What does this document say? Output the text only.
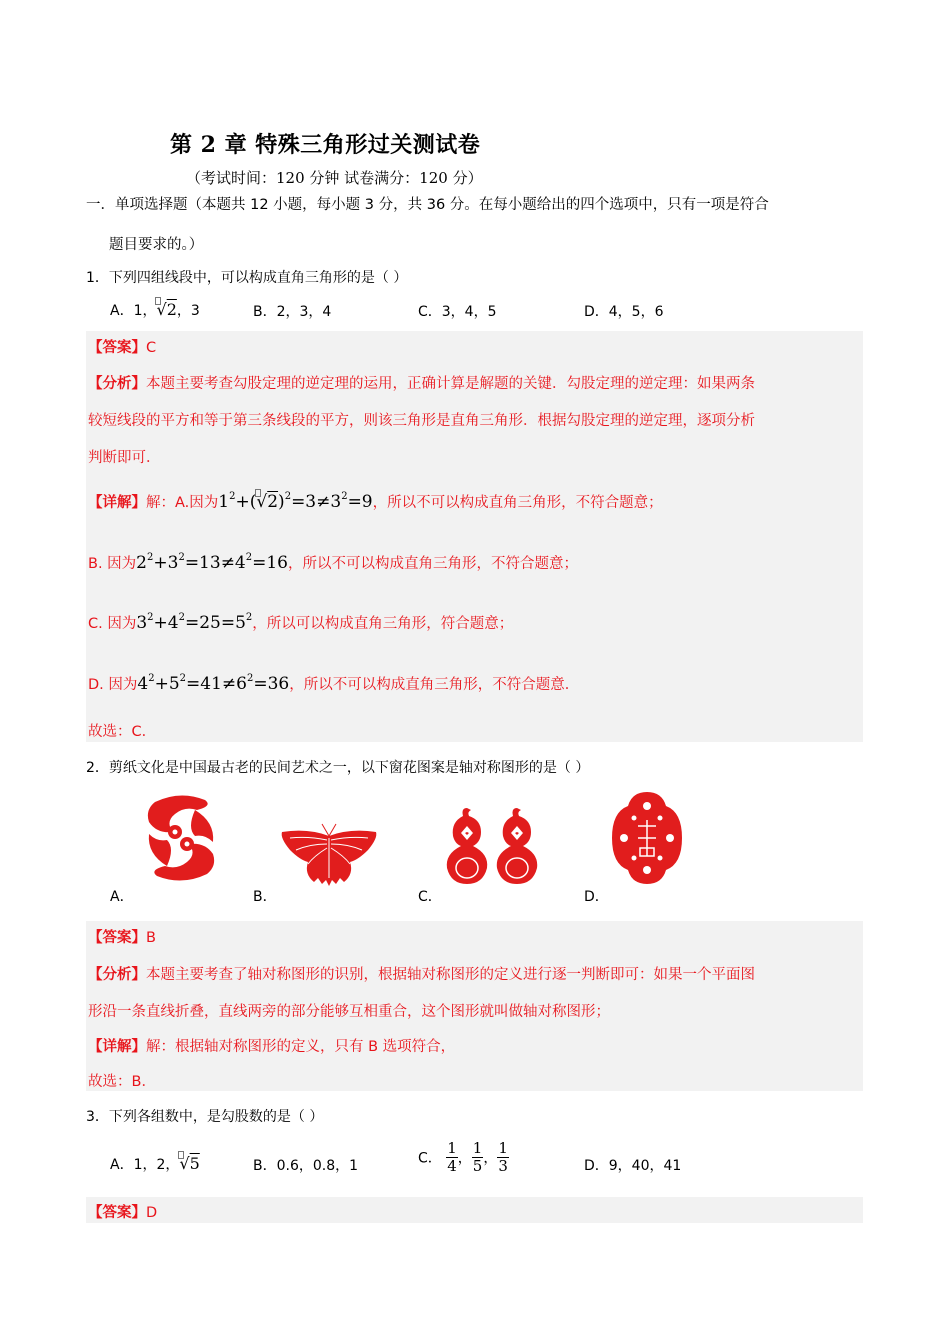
第 2 章 特殊三角形过关测试卷
（考试时间：120 分钟 试卷满分：120 分）
一．单项选择题（本题共 12 小题，每小题 3 分，共 36 分。在每小题给出的四个选项中，只有一项是符合
题目要求的。）
1．下列四组线段中，可以构成直角三角形的是（ ）
A．1，
√2，3	B．2，3，4	C．3，4，5	D．4，5，6
【答案】C
【分析】本题主要考查勾股定理的逆定理的运用，正确计算是解题的关键．勾股定理的逆定理：如果两条
较短线段的平方和等于第三条线段的平方，则该三角形是直角三角形．根据勾股定理的逆定理，逐项分析
判断即可．
【详解】解：A.因为$1^2+$(
$√2)^2=3\ne 3^2=9$，所以不可以构成直角三角形，不符合题意；
B. 因为$2^2+3^2=13\ne 4^2=16$，所以不可以构成直角三角形，不符合题意；
C. 因为$3^2+4^2=25=5^2$，所以可以构成直角三角形，符合题意；
D. 因为$4^2+5^2=41\ne 6^2=36$，所以不可以构成直角三角形，不符合题意．
故选：C．
2．剪纸文化是中国最古老的民间艺术之一，以下窗花图案是轴对称图形的是（ ）
A．	B．	C．	D．
【答案】B
【分析】本题主要考查了轴对称图形的识别，根据轴对称图形的定义进行逐一判断即可：如果一个平面图
形沿一条直线折叠，直线两旁的部分能够互相重合，这个图形就叫做轴对称图形；
【详解】解：根据轴对称图形的定义，只有 B 选项符合，
故选：B．
3．下列各组数中，是勾股数的是（ ）
A．1，2，
√5	B．0.6，0.8，1	C． $\frac{1}{4}$ ， $\frac{1}{5}$ ， $\frac{1}{3}$	D．9，40，41
【答案】D
